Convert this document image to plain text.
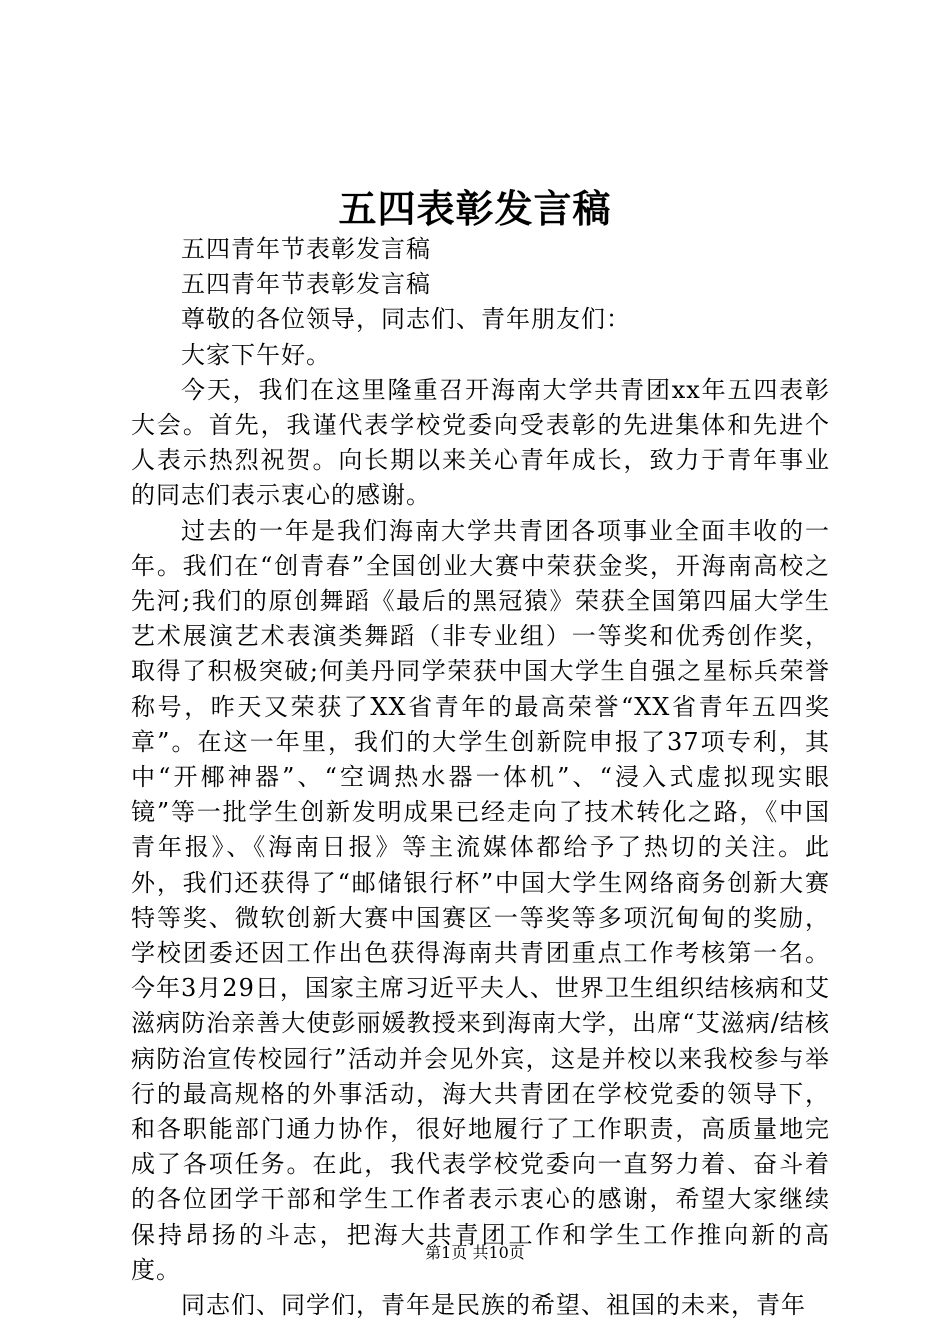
五四表彰发言稿

五四青年节表彰发言稿

五四青年节表彰发言稿

尊敬的各位领导，同志们、青年朋友们：

大家下午好。

今天，我们在这里隆重召开海南大学共青团xx年五四表彰大会。首先，我谨代表学校党委向受表彰的先进集体和先进个人表示热烈祝贺。向长期以来关心青年成长，致力于青年事业的同志们表示衷心的感谢。

过去的一年是我们海南大学共青团各项事业全面丰收的一年。我们在“创青春”全国创业大赛中荣获金奖，开海南高校之先河;我们的原创舞蹈《最后的黑冠猿》荣获全国第四届大学生艺术展演艺术表演类舞蹈（非专业组）一等奖和优秀创作奖，取得了积极突破;何美丹同学荣获中国大学生自强之星标兵荣誉称号，昨天又荣获了XX省青年的最高荣誉“XX省青年五四奖章”。在这一年里，我们的大学生创新院申报了37项专利，其中“开椰神器”、“空调热水器一体机”、“浸入式虚拟现实眼镜”等一批学生创新发明成果已经走向了技术转化之路，《中国青年报》、《海南日报》等主流媒体都给予了热切的关注。此外，我们还获得了“邮储银行杯”中国大学生网络商务创新大赛特等奖、微软创新大赛中国赛区一等奖等多项沉甸甸的奖励，学校团委还因工作出色获得海南共青团重点工作考核第一名。今年3月29日，国家主席习近平夫人、世界卫生组织结核病和艾滋病防治亲善大使彭丽媛教授来到海南大学，出席“艾滋病/结核病防治宣传校园行”活动并会见外宾，这是并校以来我校参与举行的最高规格的外事活动，海大共青团在学校党委的领导下，和各职能部门通力协作，很好地履行了工作职责，高质量地完成了各项任务。在此，我代表学校党委向一直努力着、奋斗着的各位团学干部和学生工作者表示衷心的感谢，希望大家继续保持昂扬的斗志，把海大共青团工作和学生工作推向新的高度。

同志们、同学们，青年是民族的希望、祖国的未来，青年

第1页 共10页
